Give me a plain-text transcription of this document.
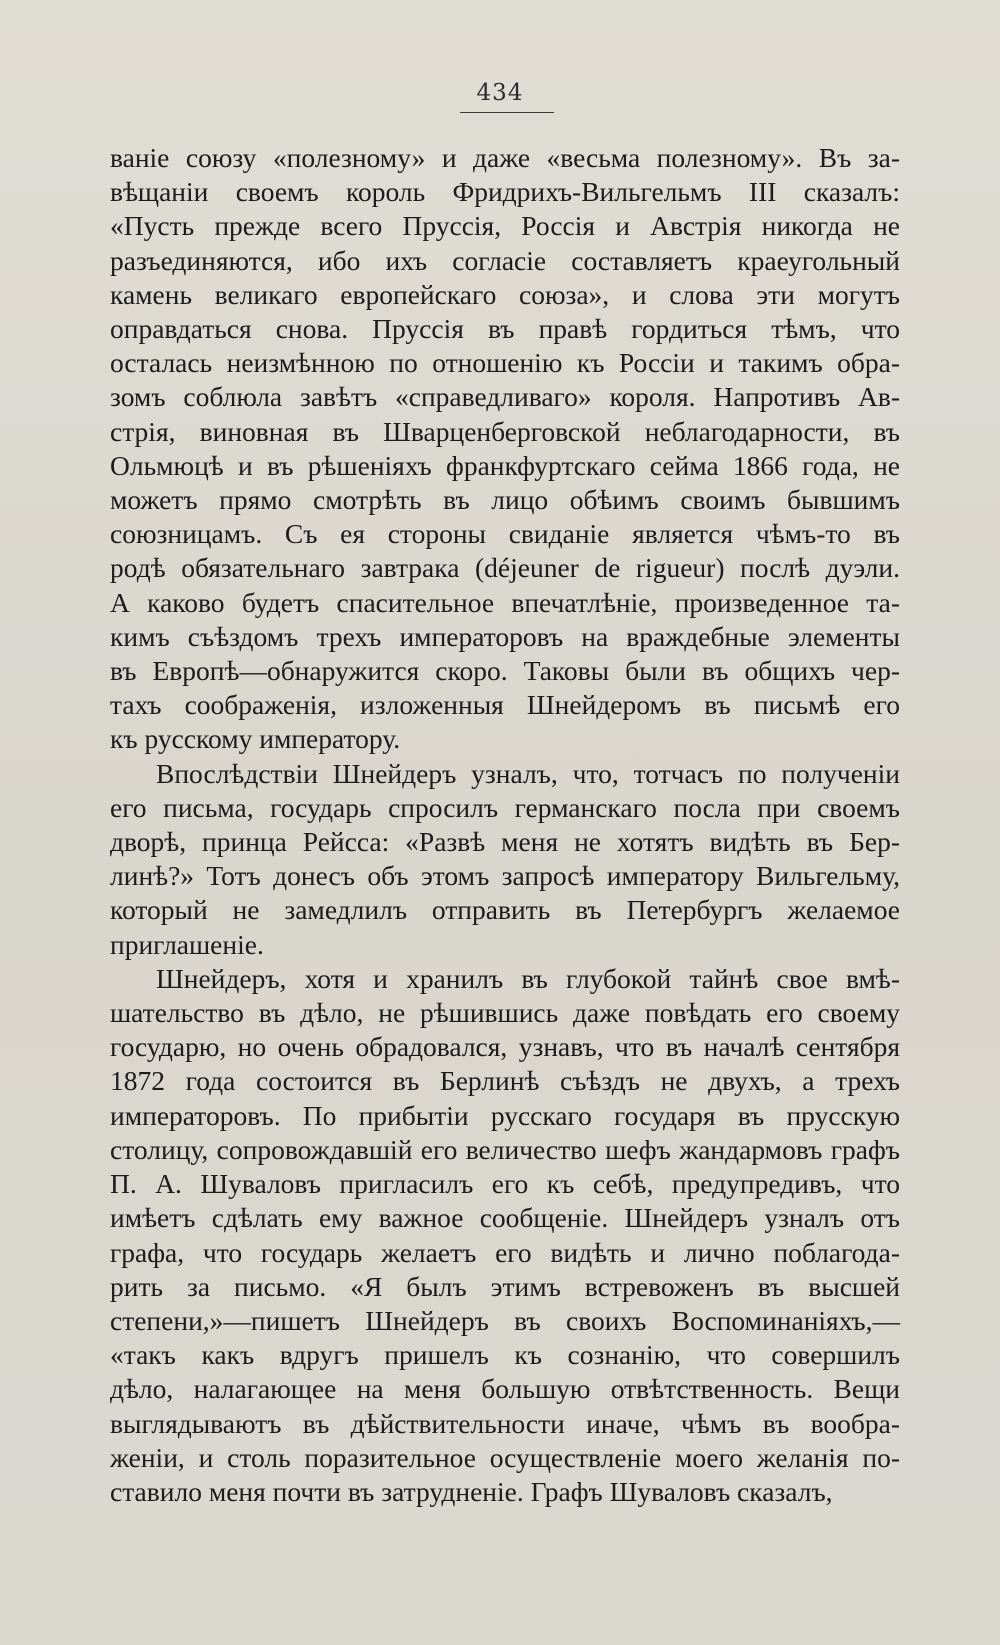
434
ваніе союзу «полезному» и даже «весьма полезному». Въ за-
вѣщаніи своемъ король Фридрихъ-Вильгельмъ III сказалъ:
«Пусть прежде всего Пруссія, Россія и Австрія никогда не
разъединяются, ибо ихъ согласіе составляетъ краеугольный
камень великаго европейскаго союза», и слова эти могутъ
оправдаться снова. Пруссія въ правѣ гордиться тѣмъ, что
осталась неизмѣнною по отношенію къ Россіи и такимъ обра-
зомъ соблюла завѣтъ «справедливаго» короля. Напротивъ Ав-
стрія, виновная въ Шварценберговской неблагодарности, въ
Ольмюцѣ и въ рѣшеніяхъ франкфуртскаго сейма 1866 года, не
можетъ прямо смотрѣть въ лицо обѣимъ своимъ бывшимъ
союзницамъ. Съ ея стороны свиданіе является чѣмъ-то въ
родѣ обязательнаго завтрака (déjeuner de rigueur) послѣ дуэли.
А каково будетъ спасительное впечатлѣніе, произведенное та-
кимъ съѣздомъ трехъ императоровъ на враждебные элементы
въ Европѣ—обнаружится скоро. Таковы были въ общихъ чер-
тахъ соображенія, изложенныя Шнейдеромъ въ письмѣ его
къ русскому императору.
Впослѣдствіи Шнейдеръ узналъ, что, тотчасъ по полученіи
его письма, государь спросилъ германскаго посла при своемъ
дворѣ, принца Рейсса: «Развѣ меня не хотятъ видѣть въ Бер-
линѣ?» Тотъ донесъ объ этомъ запросѣ императору Вильгельму,
который не замедлилъ отправить въ Петербургъ желаемое
приглашеніе.
Шнейдеръ, хотя и хранилъ въ глубокой тайнѣ свое вмѣ-
шательство въ дѣло, не рѣшившись даже повѣдать его своему
государю, но очень обрадовался, узнавъ, что въ началѣ сентября
1872 года состоится въ Берлинѣ съѣздъ не двухъ, а трехъ
императоровъ. По прибытіи русскаго государя въ прусскую
столицу, сопровождавшій его величество шефъ жандармовъ графъ
П. А. Шуваловъ пригласилъ его къ себѣ, предупредивъ, что
имѣетъ сдѣлать ему важное сообщеніе. Шнейдеръ узналъ отъ
графа, что государь желаетъ его видѣть и лично поблагода-
рить за письмо. «Я былъ этимъ встревоженъ въ высшей
степени,»—пишетъ Шнейдеръ въ своихъ Воспоминаніяхъ,—
«такъ какъ вдругъ пришелъ къ сознанію, что совершилъ
дѣло, налагающее на меня большую отвѣтственность. Вещи
выглядываютъ въ дѣйствительности иначе, чѣмъ въ вообра-
женіи, и столь поразительное осуществленіе моего желанія по-
ставило меня почти въ затрудненіе. Графъ Шуваловъ сказалъ,
